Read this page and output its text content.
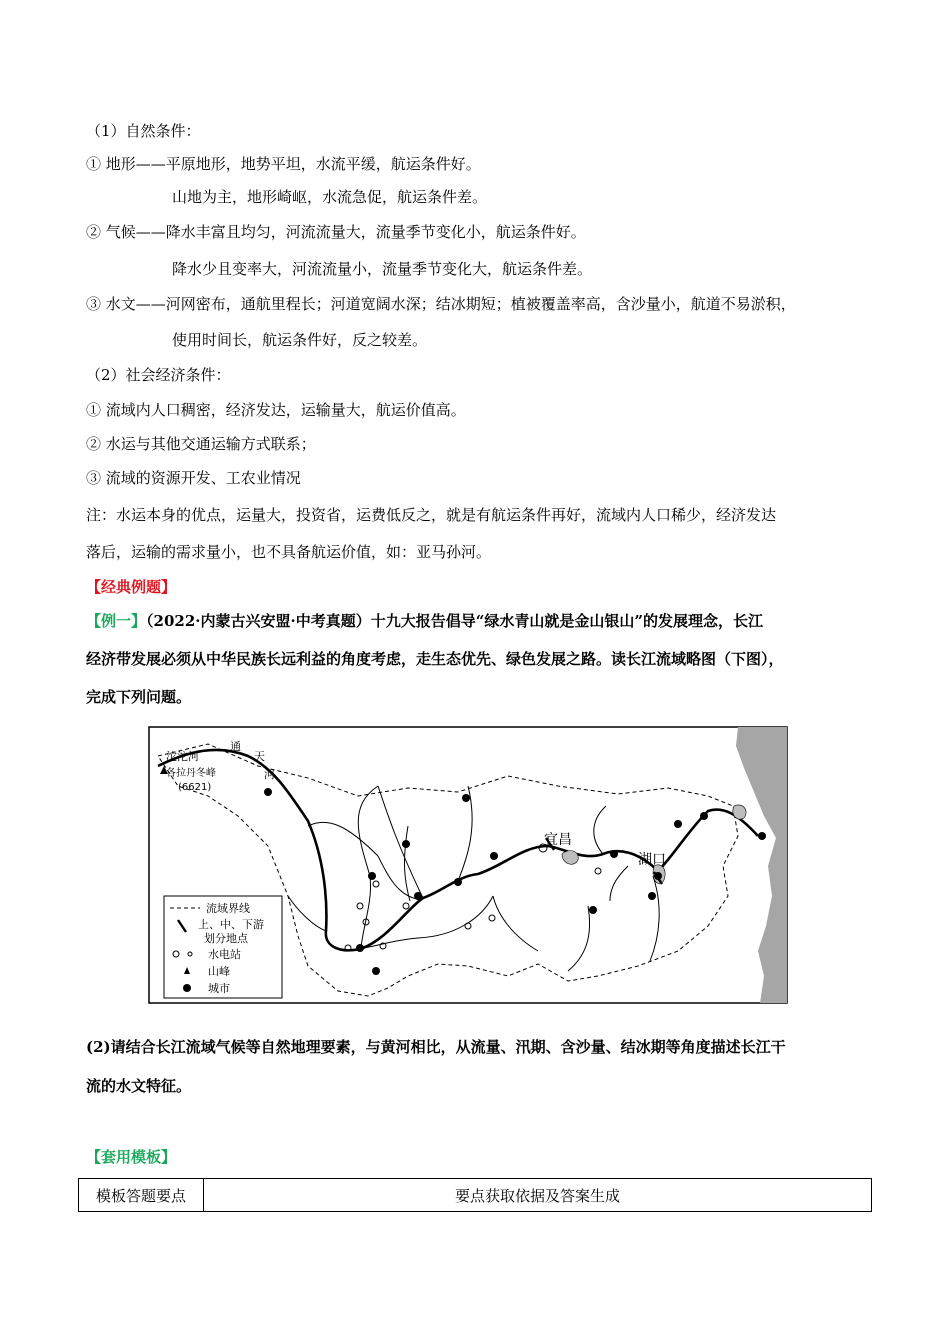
（1）自然条件：
① 地形——平原地形，地势平坦，水流平缓，航运条件好。
山地为主，地形崎岖，水流急促，航运条件差。
② 气候——降水丰富且均匀，河流流量大，流量季节变化小，航运条件好。
降水少且变率大，河流流量小，流量季节变化大，航运条件差。
③ 水文——河网密布，通航里程长；河道宽阔水深；结冰期短；植被覆盖率高，含沙量小，航道不易淤积，
使用时间长，航运条件好，反之较差。
（2）社会经济条件：
① 流域内人口稠密，经济发达，运输量大，航运价值高。
② 水运与其他交通运输方式联系；
③ 流域的资源开发、工农业情况
注：水运本身的优点，运量大，投资省，运费低反之，就是有航运条件再好，流域内人口稀少，经济发达
落后，运输的需求量小，也不具备航运价值，如：亚马孙河。
【经典例题】
【例一】（2022·内蒙古兴安盟·中考真题）十九大报告倡导“绿水青山就是金山银山”的发展理念，长江
经济带发展必须从中华民族长远利益的角度考虑，走生态优先、绿色发展之路。读长江流域略图（下图），
完成下列问题。
沱沱河
通
天
河
各拉丹冬峰
(6621)
宜昌
湖口
流域界线
上、中、下游
划分地点
水电站
山峰
城市
(2)请结合长江流域气候等自然地理要素，与黄河相比，从流量、汛期、含沙量、结冰期等角度描述长江干
流的水文特征。
【套用模板】
模板答题要点	要点获取依据及答案生成
